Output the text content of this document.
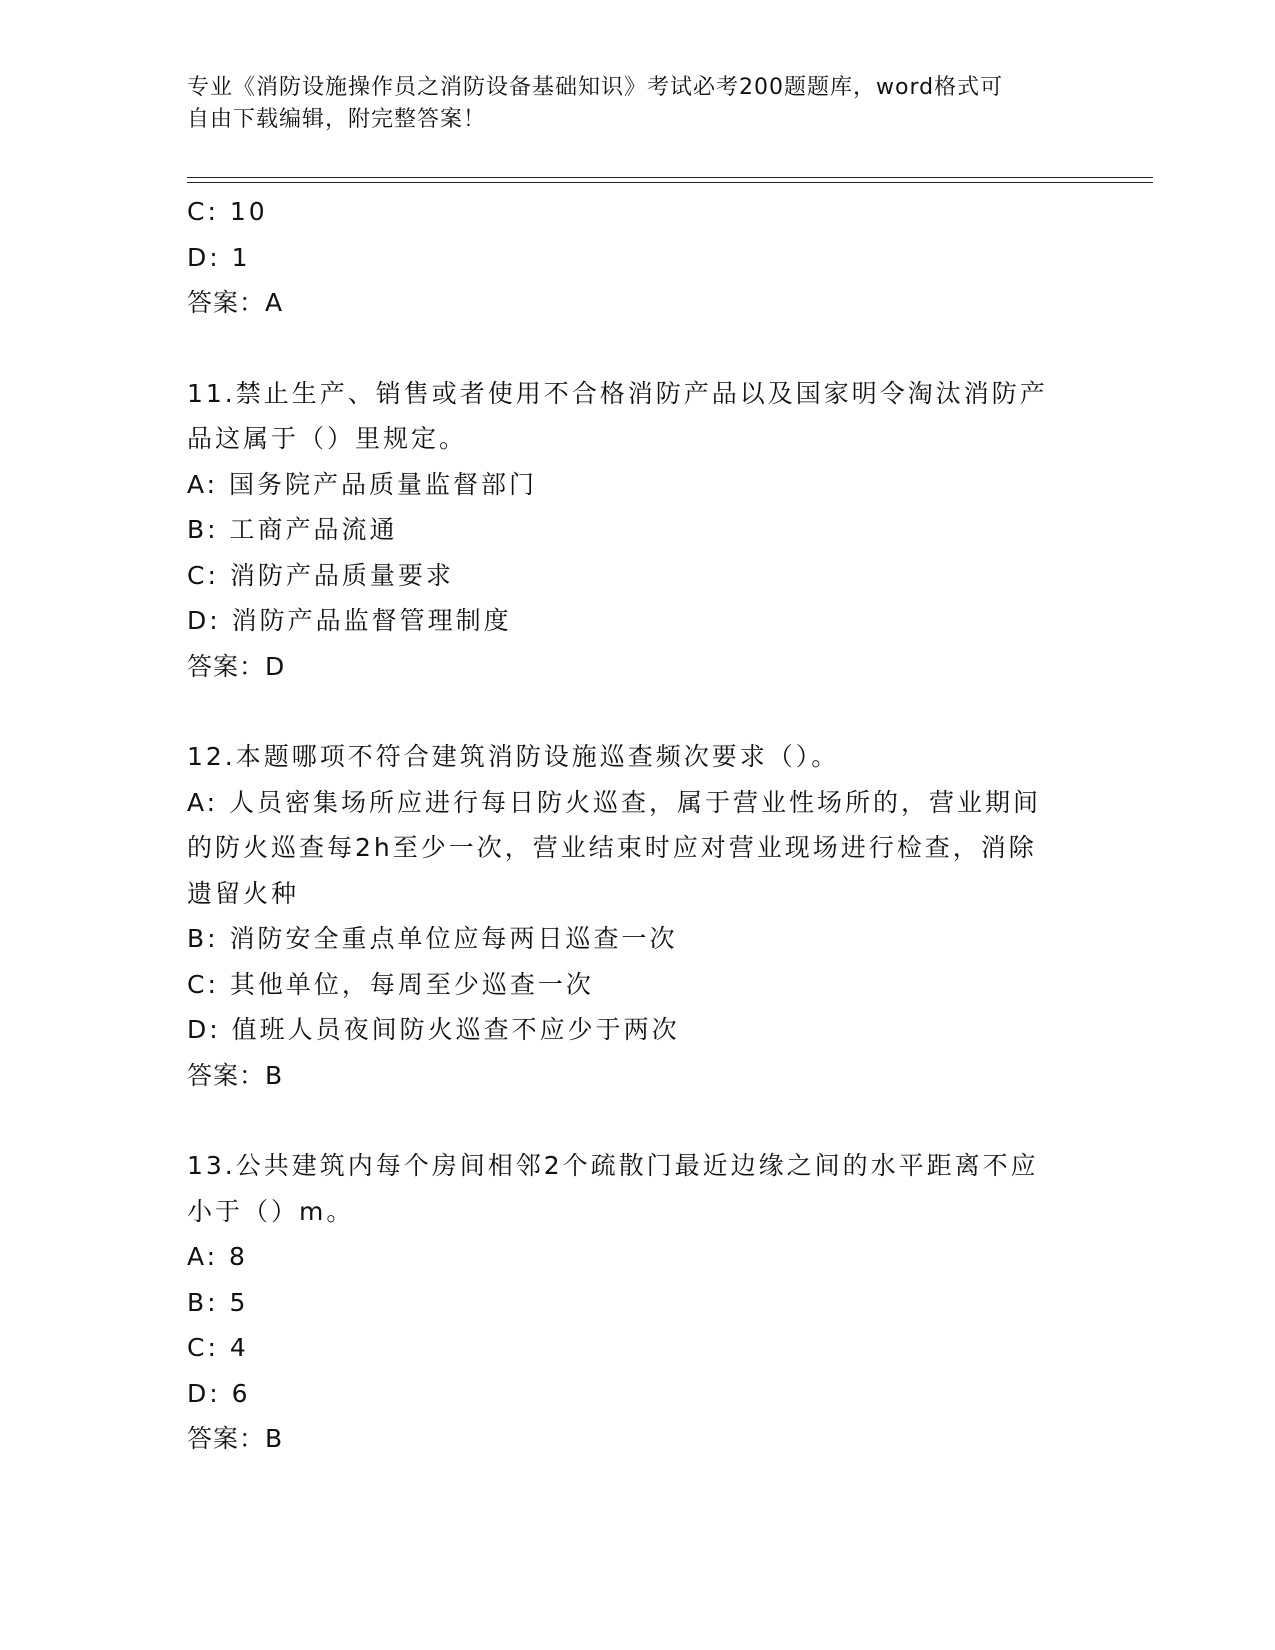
专业《消防设施操作员之消防设备基础知识》考试必考200题题库，word格式可
自由下载编辑，附完整答案！

C: 10

D: 1

答案：A

11.禁止生产、销售或者使用不合格消防产品以及国家明令淘汰消防产

品这属于（）里规定。

A: 国务院产品质量监督部门

B: 工商产品流通

C: 消防产品质量要求

D: 消防产品监督管理制度

答案：D

12.本题哪项不符合建筑消防设施巡查频次要求（）。

A: 人员密集场所应进行每日防火巡查，属于营业性场所的，营业期间

的防火巡查每2h至少一次，营业结束时应对营业现场进行检查，消除

遗留火种

B: 消防安全重点单位应每两日巡查一次

C: 其他单位，每周至少巡查一次

D: 值班人员夜间防火巡查不应少于两次

答案：B

13.公共建筑内每个房间相邻2个疏散门最近边缘之间的水平距离不应

小于（）m。

A: 8

B: 5

C: 4

D: 6

答案：B
